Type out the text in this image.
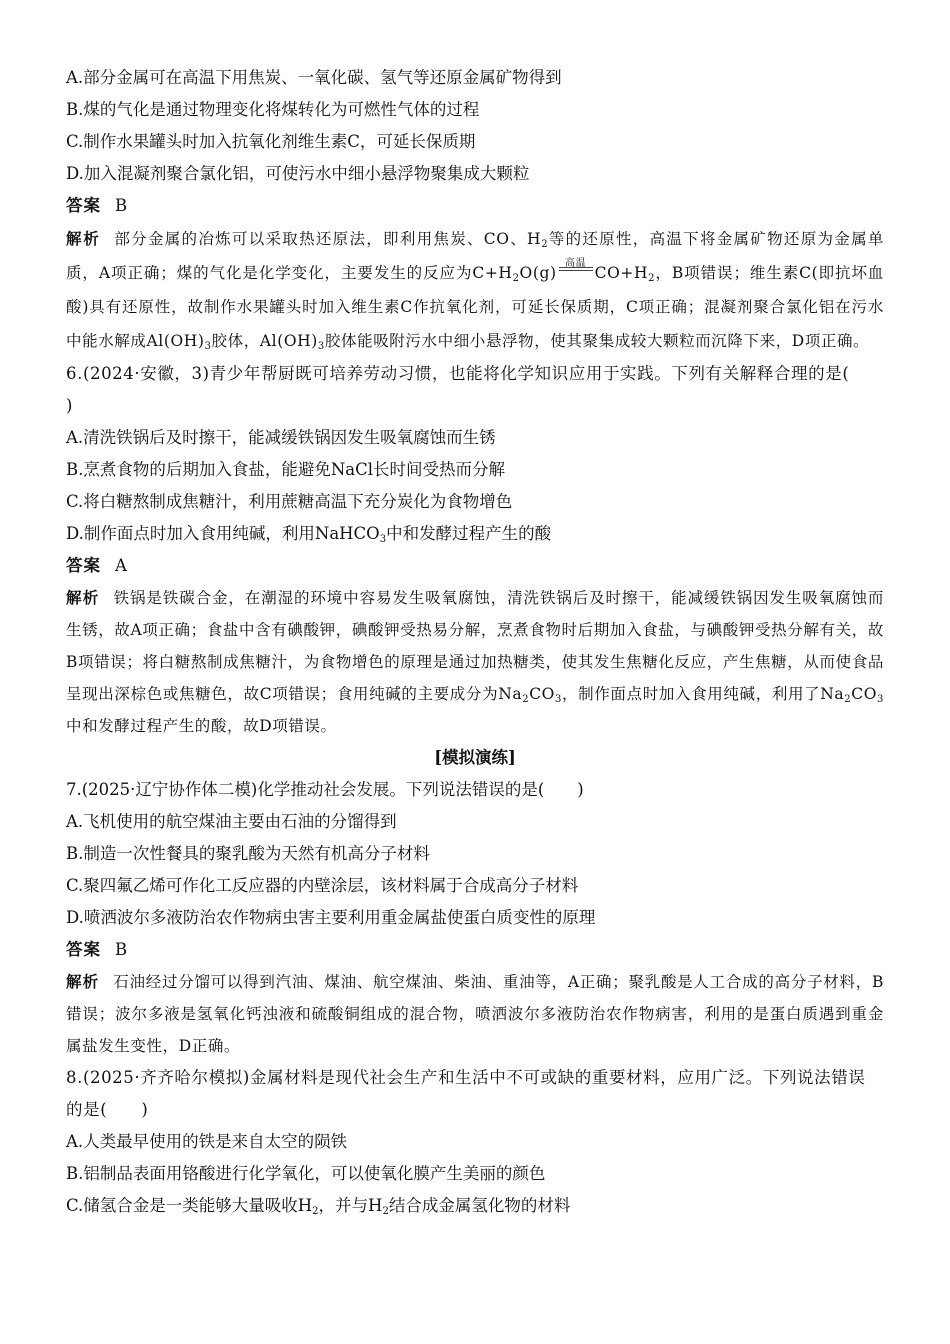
A.部分金属可在高温下用焦炭、一氧化碳、氢气等还原金属矿物得到
B.煤的气化是通过物理变化将煤转化为可燃性气体的过程
C.制作水果罐头时加入抗氧化剂维生素C，可延长保质期
D.加入混凝剂聚合氯化铝，可使污水中细小悬浮物聚集成大颗粒
答案 B
解析 部分金属的冶炼可以采取热还原法，即利用焦炭、CO、$H_2$等的还原性，高温下将金属矿物还原为金属单质，A项正确；煤的气化是化学变化，主要发生的反应为$C+H_2O(g)$
高温
$CO+H_2$，B项错误；维生素C(即抗坏血酸)具有还原性，故制作水果罐头时加入维生素C作抗氧化剂，可延长保质期，C项正确；混凝剂聚合氯化铝在污水中能水解成$Al(OH)_3$胶体，$Al(OH)_3$胶体能吸附污水中细小悬浮物，使其聚集成较大颗粒而沉降下来，D项正确。
6.(2024·安徽，3)青少年帮厨既可培养劳动习惯，也能将化学知识应用于实践。下列有关解释合理的是(
)
A.清洗铁锅后及时擦干，能减缓铁锅因发生吸氧腐蚀而生锈
B.烹煮食物的后期加入食盐，能避免NaCl长时间受热而分解
C.将白糖熬制成焦糖汁，利用蔗糖高温下充分炭化为食物增色
D.制作面点时加入食用纯碱，利用NaHCO$_3$中和发酵过程产生的酸
答案 A
解析 铁锅是铁碳合金，在潮湿的环境中容易发生吸氧腐蚀，清洗铁锅后及时擦干，能减缓铁锅因发生吸氧腐蚀而生锈，故A项正确；食盐中含有碘酸钾，碘酸钾受热易分解，烹煮食物时后期加入食盐，与碘酸钾受热分解有关，故B项错误；将白糖熬制成焦糖汁，为食物增色的原理是通过加热糖类，使其发生焦糖化反应，产生焦糖，从而使食品呈现出深棕色或焦糖色，故C项错误；食用纯碱的主要成分为$Na_2CO_3$，制作面点时加入食用纯碱，利用了$Na_2CO_3$中和发酵过程产生的酸，故D项错误。
[模拟演练]
7.(2025·辽宁协作体二模)化学推动社会发展。下列说法错误的是(　　)
A.飞机使用的航空煤油主要由石油的分馏得到
B.制造一次性餐具的聚乳酸为天然有机高分子材料
C.聚四氟乙烯可作化工反应器的内壁涂层，该材料属于合成高分子材料
D.喷洒波尔多液防治农作物病虫害主要利用重金属盐使蛋白质变性的原理
答案 B
解析 石油经过分馏可以得到汽油、煤油、航空煤油、柴油、重油等，A正确；聚乳酸是人工合成的高分子材料，B错误；波尔多液是氢氧化钙浊液和硫酸铜组成的混合物，喷洒波尔多液防治农作物病害，利用的是蛋白质遇到重金属盐发生变性，D正确。
8.(2025·齐齐哈尔模拟)金属材料是现代社会生产和生活中不可或缺的重要材料，应用广泛。下列说法错误
的是(　　)
A.人类最早使用的铁是来自太空的陨铁
B.铝制品表面用铬酸进行化学氧化，可以使氧化膜产生美丽的颜色
C.储氢合金是一类能够大量吸收$H_2$，并与$H_2$结合成金属氢化物的材料
